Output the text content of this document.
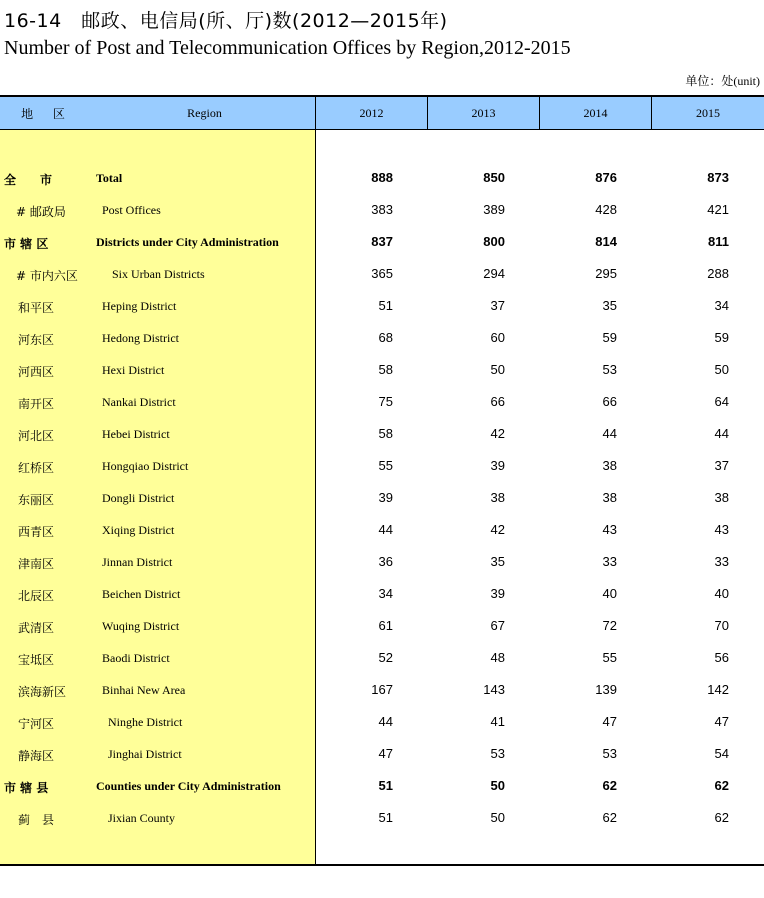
16-14　邮政、电信局(所、厅)数(2012—2015年)
Number of Post and Telecommunication Offices by Region,2012-2015
单位：处(unit)
地 区	Region	2012	2013	2014	2015
全　　市	Total	888	850	876	873
# 邮政局	Post Offices	383	389	428	421
市 辖 区	Districts under City Administration	837	800	814	811
# 市内六区	Six Urban Districts	365	294	295	288
和平区	Heping District	51	37	35	34
河东区	Hedong District	68	60	59	59
河西区	Hexi District	58	50	53	50
南开区	Nankai District	75	66	66	64
河北区	Hebei District	58	42	44	44
红桥区	Hongqiao District	55	39	38	37
东丽区	Dongli District	39	38	38	38
西青区	Xiqing District	44	42	43	43
津南区	Jinnan District	36	35	33	33
北辰区	Beichen District	34	39	40	40
武清区	Wuqing District	61	67	72	70
宝坻区	Baodi District	52	48	55	56
滨海新区	Binhai New Area	167	143	139	142
宁河区	Ninghe District	44	41	47	47
静海区	Jinghai District	47	53	53	54
市 辖 县	Counties under City Administration	51	50	62	62
蓟　县	Jixian County	51	50	62	62
